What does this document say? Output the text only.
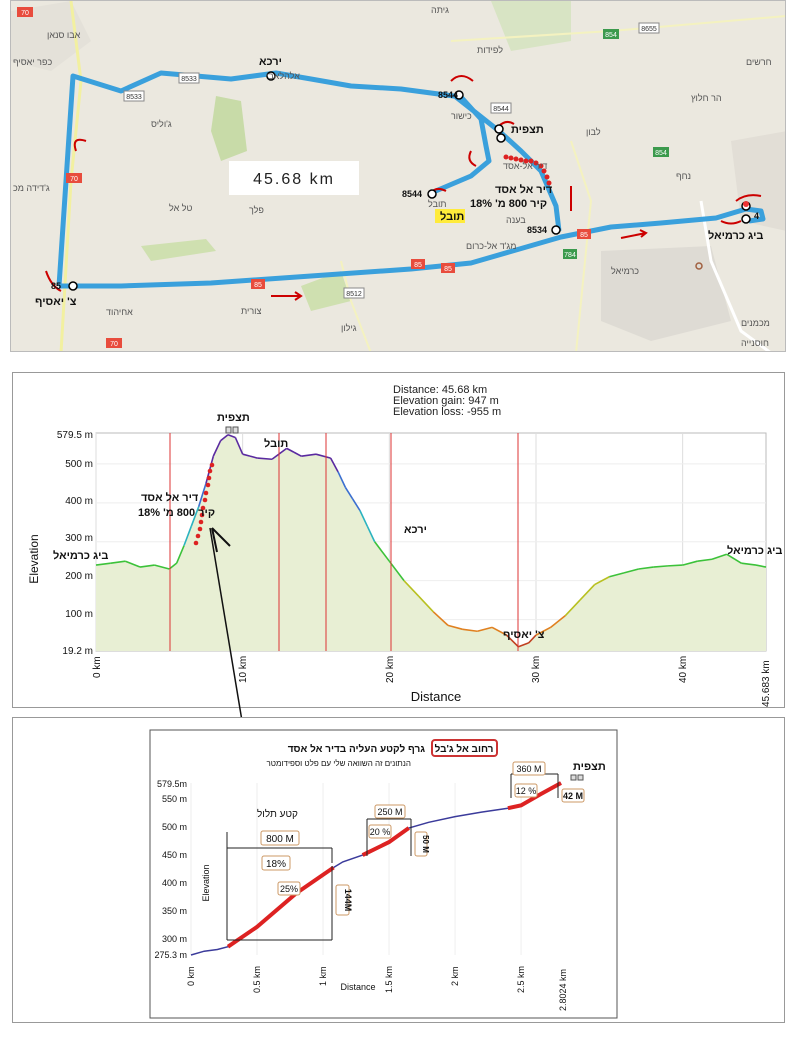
70
70
70
8533
8533
85
85
85
85
8512
854
8655
854
8544
784
אלהלאבי
אבו סנאן
כפר יאסיף
ג'דידה מכ
ג'וליס
טל אל	פלך
גיתה
לפידות
חרשים
הר חלוץ
לבון
כישור
דיר אל-אסד
בענה
מג'ד אל-כרום
תובל
כרמיאל
נחף
גילון
צורית
אחיהוד
מכמנים
חוסנייה
ירכא
תצפית
דיר אל אסד
קיר 800 מ' 18%
ביג כרמיאל
צ' יאסיף
תובל
8544
8544
8534
85
4
45.68 km
Distance: 45.68 km
Elevation gain: 947 m
Elevation loss: -955 m
579.5 m
500 m
400 m
300 m
200 m
100 m
19.2 m
0 km	10 km	20 km	30 km	40 km	45.683 km
Elevation
Distance
תצפית
תובל
דיר אל אסד
קיר 800 מ' 18%
ביג כרמיאל	ביג כרמיאל
ירכא
צ' יאסיף
רחוב אל ג'בל
גרף לקטע העליה בדיר אל אסד
הנתונים זה השוואה שלי עם פלט וספידומטר	תצפית
579.5m
550 m
500 m
450 m
400 m
350 m
300 m
275.3 m
0 km	0.5 km	1 km	1.5 km	2 km	2.5 km	2.8024 km
Elevation
Distance
קטע תלול
800 M
18%
25%	144M
250 M
20 %
50 M
360 M
12 %	42 M
